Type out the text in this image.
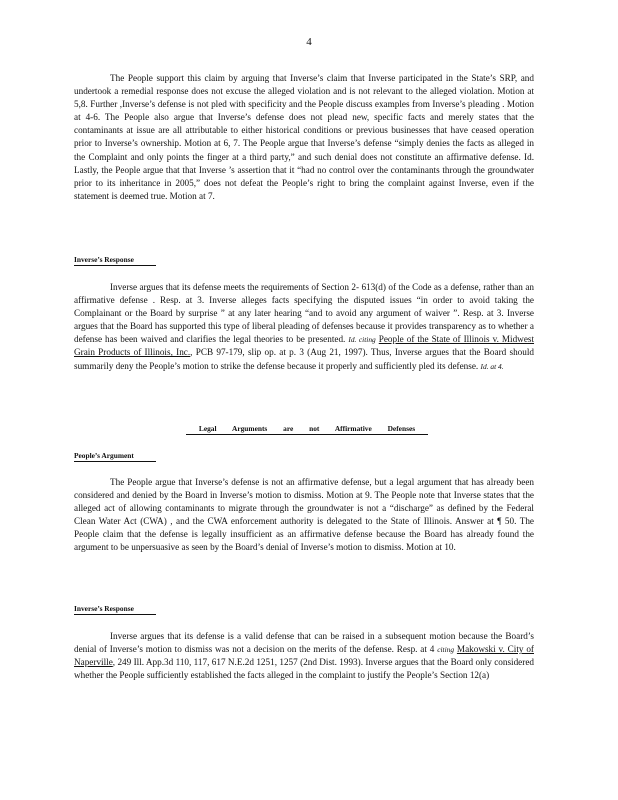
4

The People support this claim by arguing that Inverse’s claim that Inverse participated in the State’s SRP, and undertook a remedial response does not excuse the alleged violation and is not relevant to the alleged violation. Motion at 5,8. Further ,Inverse’s defense is not pled with specificity and the People discuss examples from Inverse’s pleading . Motion at 4-6. The People also argue that Inverse’s defense does not plead new, specific facts and merely states that the contaminants at issue are all attributable to either historical conditions or previous businesses that have ceased operation prior to Inverse’s ownership. Motion at 6, 7. The People argue that Inverse’s defense “simply denies the facts as alleged in the Complaint and only points the finger at a third party,” and such denial does not constitute an affirmative defense. Id. Lastly, the People argue that that Inverse ’s assertion that it “had no control over the contaminants through the groundwater prior to its inheritance in 2005,” does not defeat the People’s right to bring the complaint against Inverse, even if the statement is deemed true. Motion at 7.

Inverse’s Response

Inverse argues that its defense meets the requirements of Section 2- 613(d) of the Code as a defense, rather than an affirmative defense . Resp. at 3. Inverse alleges facts specifying the disputed issues “in order to avoid taking the Complainant or the Board by surprise ” at any later hearing “and to avoid any argument of waiver ”. Resp. at 3. Inverse argues that the Board has supported this type of liberal pleading of defenses because it provides transparency as to whether a defense has been waived and clarifies the legal theories to be presented. Id. citing People of the State of Illinois v. Midwest Grain Products of Illinois, Inc., PCB 97-179, slip op. at p. 3 (Aug 21, 1997). Thus, Inverse argues that the Board should summarily deny the People’s motion to strike the defense because it properly and sufficiently pled its defense. Id. at 4.

Legal Arguments are not Affirmative Defenses
People’s Argument

The People argue that Inverse’s defense is not an affirmative defense, but a legal argument that has already been considered and denied by the Board in Inverse’s motion to dismiss. Motion at 9. The People note that Inverse states that the alleged act of allowing contaminants to migrate through the groundwater is not a “discharge” as defined by the Federal Clean Water Act (CWA) , and the CWA enforcement authority is delegated to the State of Illinois. Answer at ¶ 50. The People claim that the defense is legally insufficient as an affirmative defense because the Board has already found the argument to be unpersuasive as seen by the Board’s denial of Inverse’s motion to dismiss. Motion at 10.

Inverse’s Response

Inverse argues that its defense is a valid defense that can be raised in a subsequent motion because the Board’s denial of Inverse’s motion to dismiss was not a decision on the merits of the defense. Resp. at 4 citing Makowski v. City of Naperville, 249 Ill. App.3d 110, 117, 617 N.E.2d 1251, 1257 (2nd Dist. 1993). Inverse argues that the Board only considered whether the People sufficiently established the facts alleged in the complaint to justify the People’s Section 12(a)
